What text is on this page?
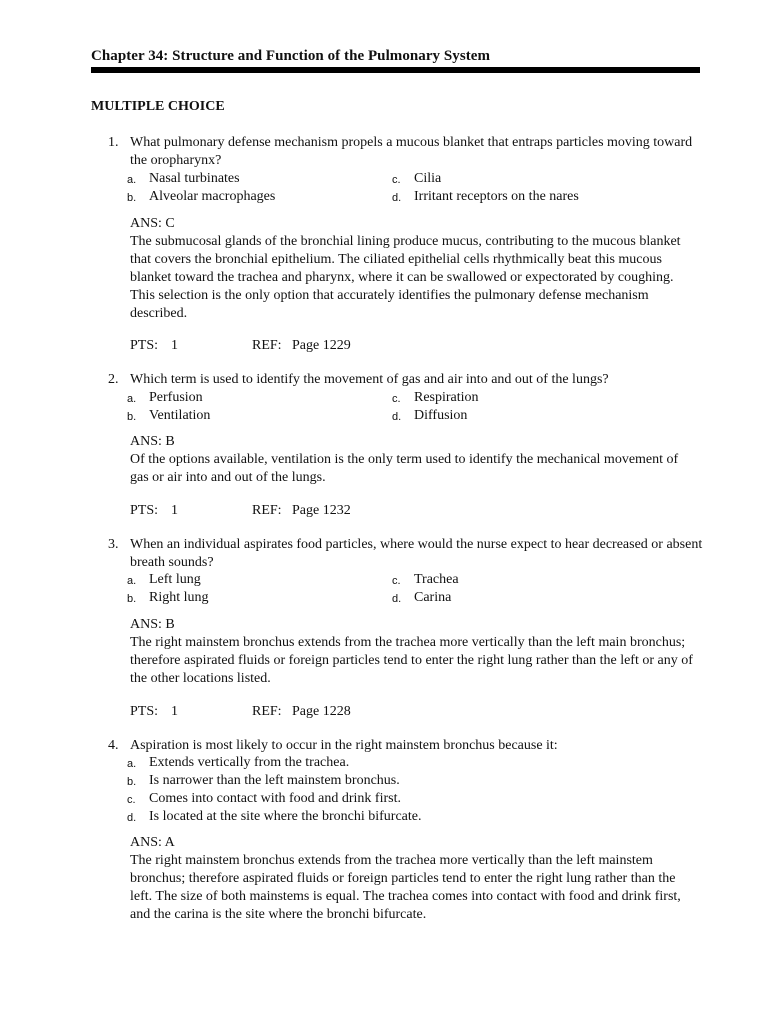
Chapter 34: Structure and Function of the Pulmonary System
MULTIPLE CHOICE
1. What pulmonary defense mechanism propels a mucous blanket that entraps particles moving toward the oropharynx?
a. Nasal turbinates
b. Alveolar macrophages
c. Cilia
d. Irritant receptors on the nares
ANS: C
The submucosal glands of the bronchial lining produce mucus, contributing to the mucous blanket that covers the bronchial epithelium. The ciliated epithelial cells rhythmically beat this mucous blanket toward the trachea and pharynx, where it can be swallowed or expectorated by coughing. This selection is the only option that accurately identifies the pulmonary defense mechanism described.
PTS: 1	REF: Page 1229
2. Which term is used to identify the movement of gas and air into and out of the lungs?
a. Perfusion
b. Ventilation
c. Respiration
d. Diffusion
ANS: B
Of the options available, ventilation is the only term used to identify the mechanical movement of gas or air into and out of the lungs.
PTS: 1	REF: Page 1232
3. When an individual aspirates food particles, where would the nurse expect to hear decreased or absent breath sounds?
a. Left lung
b. Right lung
c. Trachea
d. Carina
ANS: B
The right mainstem bronchus extends from the trachea more vertically than the left main bronchus; therefore aspirated fluids or foreign particles tend to enter the right lung rather than the left or any of the other locations listed.
PTS: 1	REF: Page 1228
4. Aspiration is most likely to occur in the right mainstem bronchus because it:
a. Extends vertically from the trachea.
b. Is narrower than the left mainstem bronchus.
c. Comes into contact with food and drink first.
d. Is located at the site where the bronchi bifurcate.
ANS: A
The right mainstem bronchus extends from the trachea more vertically than the left mainstem bronchus; therefore aspirated fluids or foreign particles tend to enter the right lung rather than the left. The size of both mainstems is equal. The trachea comes into contact with food and drink first, and the carina is the site where the bronchi bifurcate.
